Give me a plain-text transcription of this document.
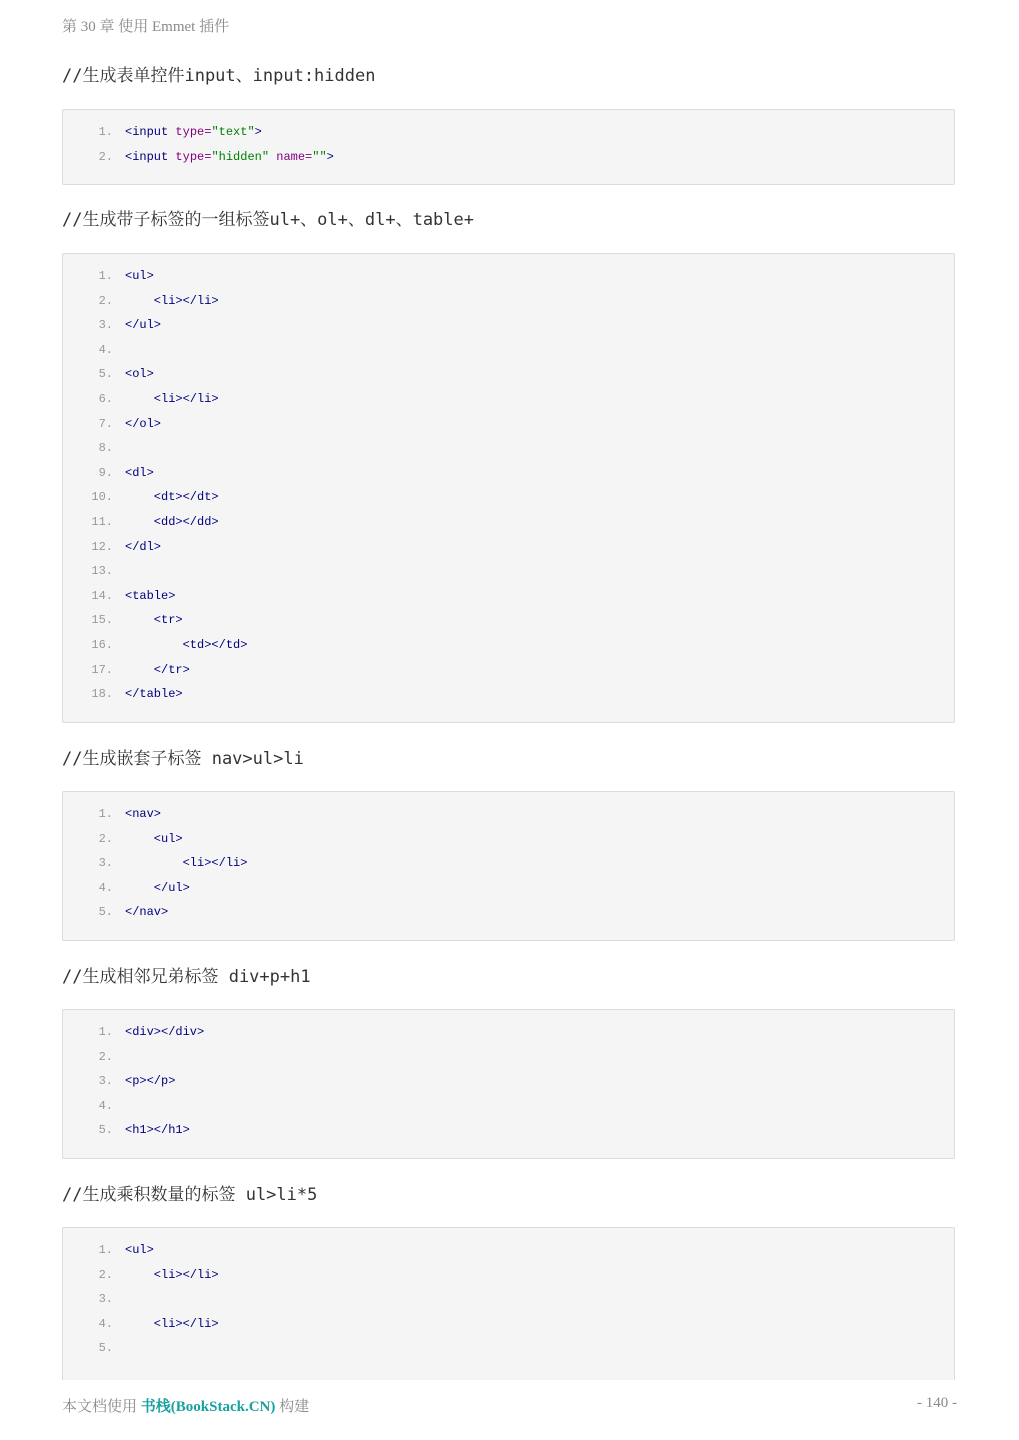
第 30 章 使用 Emmet 插件
//生成表单控件input、input:hidden
1. <input type="text">
2. <input type="hidden" name="">
//生成带子标签的一组标签ul+、ol+、dl+、table+
1. <ul>
2. <li></li>
3. </ul>
4.
5. <ol>
6. <li></li>
7. </ol>
8.
9. <dl>
10. <dt></dt>
11. <dd></dd>
12. </dl>
13.
14. <table>
15. <tr>
16. <td></td>
17. </tr>
18. </table>
//生成嵌套子标签 nav>ul>li
1. <nav>
2. <ul>
3. <li></li>
4. </ul>
5. </nav>
//生成相邻兄弟标签 div+p+h1
1. <div></div>
2.
3. <p></p>
4.
5. <h1></h1>
//生成乘积数量的标签 ul>li*5
1. <ul>
2. <li></li>
3.
4. <li></li>
5.
本文档使用 书栈(BookStack.CN) 构建	- 140 -
